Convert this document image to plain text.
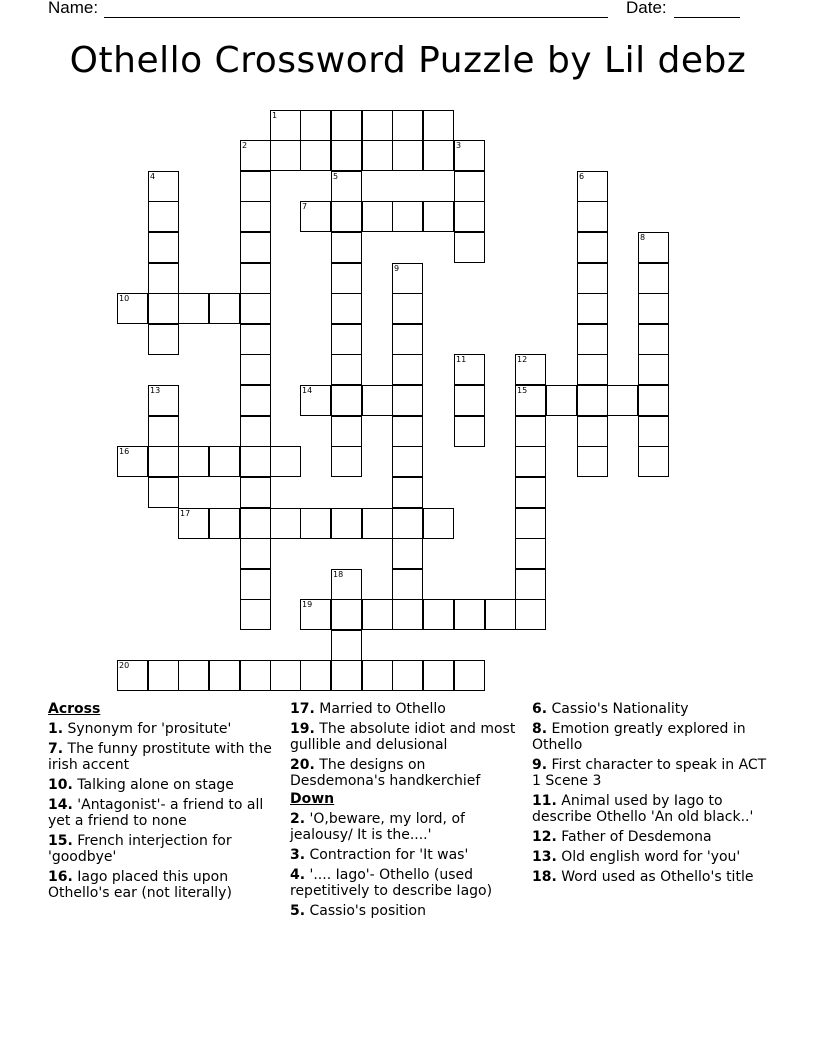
Name:	Date:
Othello Crossword Puzzle by Lil debz
1
2	3
4	5	6
7
8
9
10
11	12
13	14	15
16
17
18
19
20
Across
1. Synonym for 'prositute'
7. The funny prostitute with the irish accent
10. Talking alone on stage
14. 'Antagonist'- a friend to all yet a friend to none
15. French interjection for 'goodbye'
16. Iago placed this upon Othello's ear (not literally)
17. Married to Othello
19. The absolute idiot and most gullible and delusional
20. The designs on Desdemona's handkerchief
Down
2. 'O,beware, my lord, of jealousy/ It is the....'
3. Contraction for 'It was'
4. '.... Iago'- Othello (used repetitively to describe Iago)
5. Cassio's position
6. Cassio's Nationality
8. Emotion greatly explored in Othello
9. First character to speak in ACT 1 Scene 3
11. Animal used by Iago to describe Othello 'An old black..'
12. Father of Desdemona
13. Old english word for 'you'
18. Word used as Othello's title
